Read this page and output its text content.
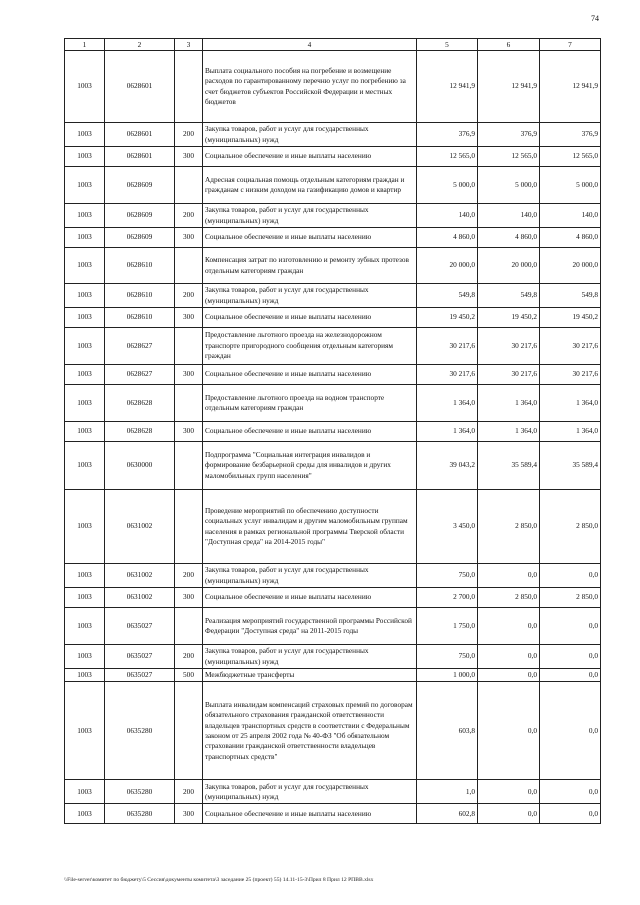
74
1	2	3	4	5	6	7
1003	0628601		Выплата социального пособия на погребение и возмещение расходов по гарантированному перечню услуг по погребению за счет бюджетов субъектов Российской Федерации и местных бюджетов	12 941,9	12 941,9	12 941,9
1003	0628601	200	Закупка товаров, работ и услуг для государственных (муниципальных) нужд	376,9	376,9	376,9
1003	0628601	300	Социальное обеспечение и иные выплаты населению	12 565,0	12 565,0	12 565,0
1003	0628609		Адресная социальная помощь отдельным категориям граждан и гражданам с низким доходом на газификацию домов и квартир	5 000,0	5 000,0	5 000,0
1003	0628609	200	Закупка товаров, работ и услуг для государственных (муниципальных) нужд	140,0	140,0	140,0
1003	0628609	300	Социальное обеспечение и иные выплаты населению	4 860,0	4 860,0	4 860,0
1003	0628610		Компенсация затрат по изготовлению и ремонту зубных протезов отдельным категориям граждан	20 000,0	20 000,0	20 000,0
1003	0628610	200	Закупка товаров, работ и услуг для государственных (муниципальных) нужд	549,8	549,8	549,8
1003	0628610	300	Социальное обеспечение и иные выплаты населению	19 450,2	19 450,2	19 450,2
1003	0628627		Предоставление льготного проезда на железнодорожном транспорте пригородного сообщения отдельным категориям граждан	30 217,6	30 217,6	30 217,6
1003	0628627	300	Социальное обеспечение и иные выплаты населению	30 217,6	30 217,6	30 217,6
1003	0628628		Предоставление льготного проезда на водном транспорте отдельным категориям граждан	1 364,0	1 364,0	1 364,0
1003	0628628	300	Социальное обеспечение и иные выплаты населению	1 364,0	1 364,0	1 364,0
1003	0630000		Подпрограмма "Социальная интеграция инвалидов и формирование безбарьерной среды для инвалидов и других маломобильных групп населения"	39 043,2	35 589,4	35 589,4
1003	0631002		Проведение мероприятий по обеспечению доступности социальных услуг инвалидам и другим маломобильным группам населения в рамках региональной программы Тверской области "Доступная среда" на 2014-2015 годы"	3 450,0	2 850,0	2 850,0
1003	0631002	200	Закупка товаров, работ и услуг для государственных (муниципальных) нужд	750,0	0,0	0,0
1003	0631002	300	Социальное обеспечение и иные выплаты населению	2 700,0	2 850,0	2 850,0
1003	0635027		Реализация мероприятий государственной программы Российской Федерации "Доступная среда" на 2011-2015 годы	1 750,0	0,0	0,0
1003	0635027	200	Закупка товаров, работ и услуг для государственных (муниципальных) нужд	750,0	0,0	0,0
1003	0635027	500	Межбюджетные трансферты	1 000,0	0,0	0,0
1003	0635280		Выплата инвалидам компенсаций страховых премий по договорам обязательного страхования гражданской ответственности владельцев транспортных средств в соответствии с Федеральным законом от 25 апреля 2002 года № 40-ФЗ "Об обязательном страховании гражданской ответственности владельцев транспортных средств"	603,8	0,0	0,0
1003	0635280	200	Закупка товаров, работ и услуг для государственных (муниципальных) нужд	1,0	0,0	0,0
1003	0635280	300	Социальное обеспечение и иные выплаты населению	602,8	0,0	0,0
\\File-server\комитет по бюджету\5 Сессия\документы комитета\3 заседание 25 (проект) 55) 14.11-15-3\Прил 8 Прил 12 РПВВ.xlsx
